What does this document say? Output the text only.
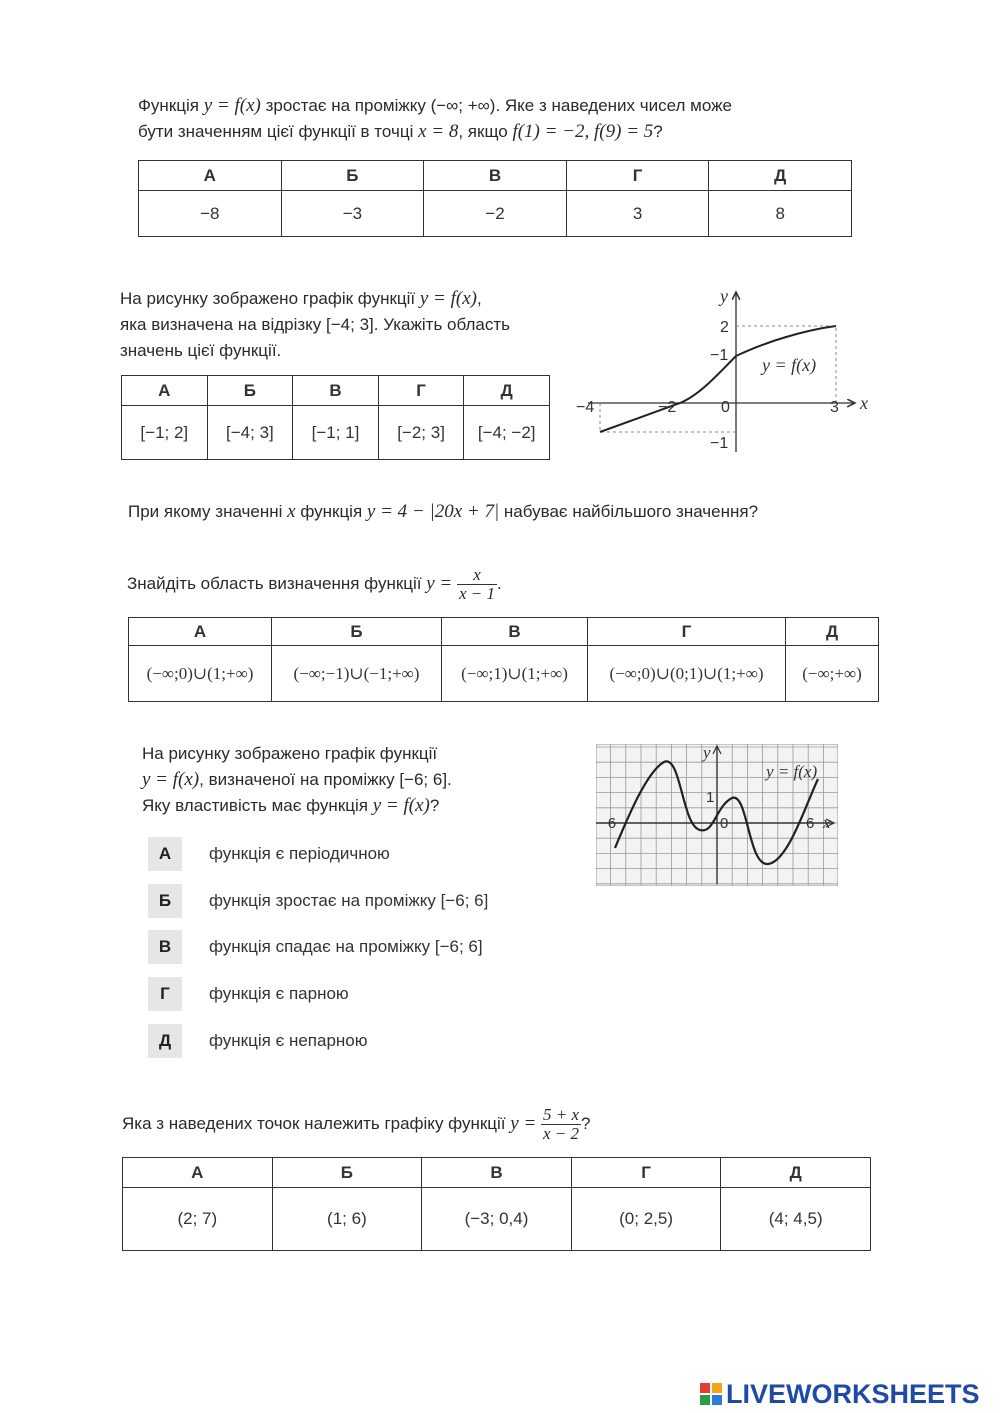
Функція y = f(x) зростає на проміжку (−∞; +∞). Яке з наведених чисел може
бути значенням цієї функції в точці x = 8, якщо f(1) = −2, f(9) = 5?
А	Б	В	Г	Д
−8	−3	−2	3	8
На рисунку зображено графік функції y = f(x),
яка визначена на відрізку [−4; 3]. Укажіть область
значень цієї функції.
А	Б	В	Г	Д
[−1; 2]	[−4; 3]	[−1; 1]	[−2; 3]	[−4; −2]
y
x
2
−1
−1
−4	−2	0	3
y = f(x)
При якому значенні x функція y = 4 − |20x + 7| набуває найбільшого значення?
Знайдіть область визначення функції $y = \frac{x}{x - 1}$ .
А	Б	В	Г	Д
(−∞;0)∪(1;+∞)	(−∞;−1)∪(−1;+∞)	(−∞;1)∪(1;+∞)	(−∞;0)∪(0;1)∪(1;+∞)	(−∞;+∞)
На рисунку зображено графік функції
y = f(x), визначеної на проміжку [−6; 6].
Яку властивість має функція y = f(x)?
А	функція є періодичною
Б	функція зростає на проміжку [−6; 6]
В	функція спадає на проміжку [−6; 6]
Г	функція є парною
Д	функція є непарною
y
x
1
0
−6	6
y = f(x)
Яка з наведених точок належить графіку функції $y = \frac{5 + x}{x - 2}$ ?
А	Б	В	Г	Д
(2; 7)	(1; 6)	(−3; 0,4)	(0; 2,5)	(4; 4,5)
LIVEWORKSHEETS
